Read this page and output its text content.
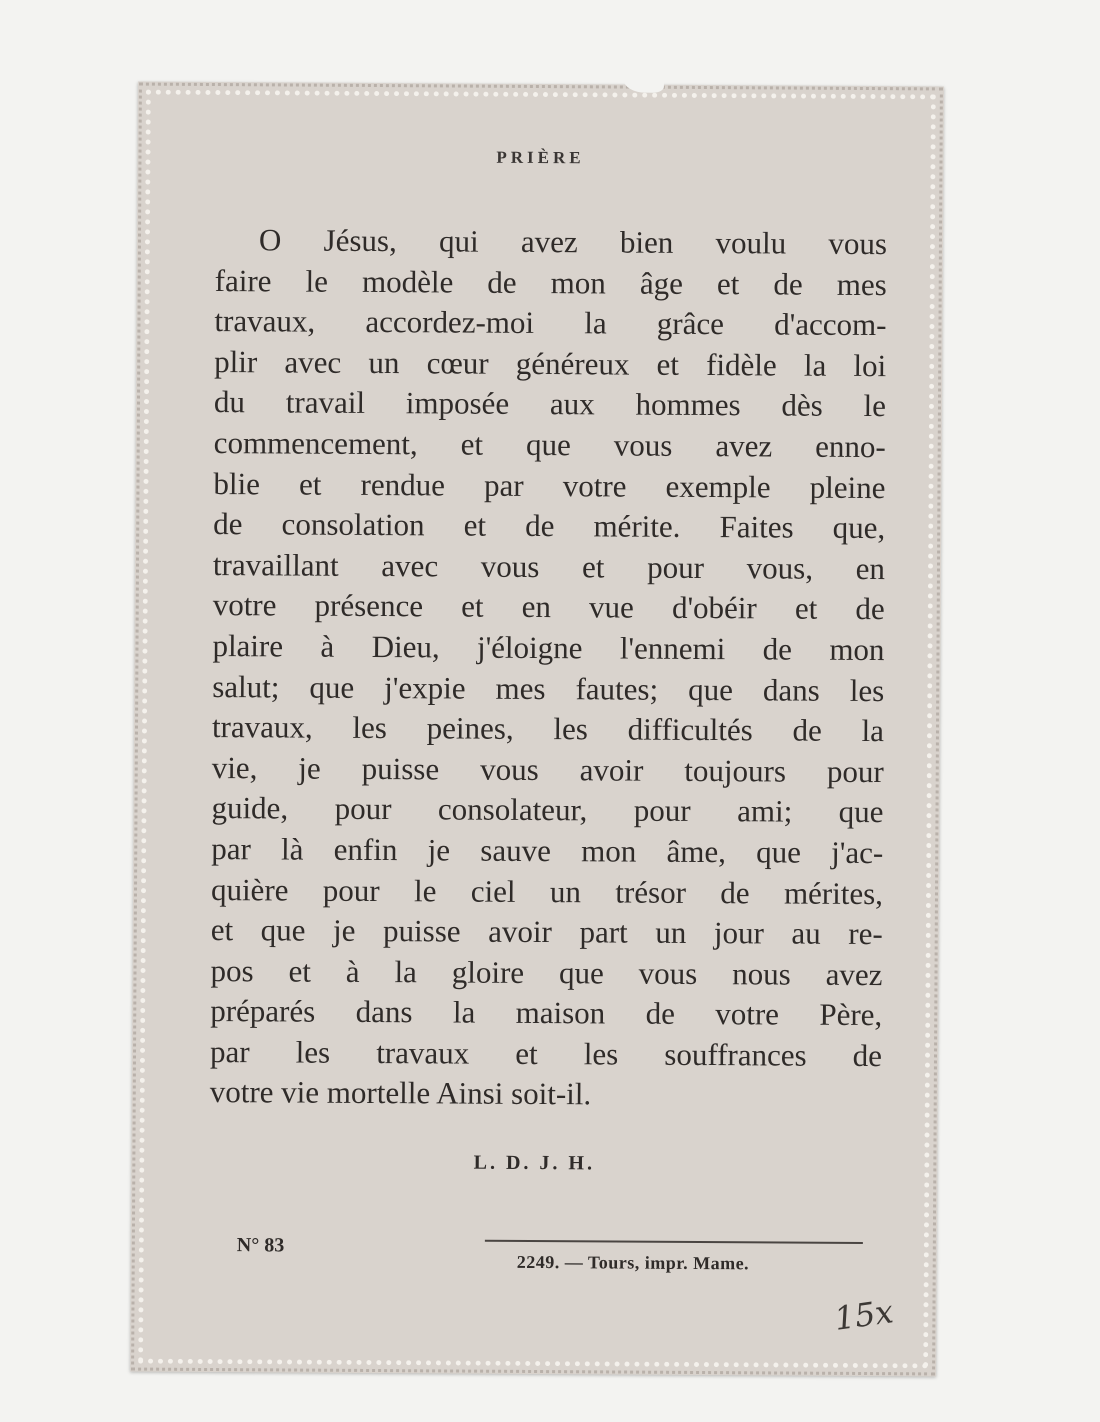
PRIÈRE
O Jésus, qui avez bien voulu vous
faire le modèle de mon âge et de mes
travaux, accordez-moi la grâce d'accom-
plir avec un cœur généreux et fidèle la loi
du travail imposée aux hommes dès le
commencement, et que vous avez enno-
blie et rendue par votre exemple pleine
de consolation et de mérite. Faites que,
travaillant avec vous et pour vous, en
votre présence et en vue d'obéir et de
plaire à Dieu, j'éloigne l'ennemi de mon
salut; que j'expie mes fautes; que dans les
travaux, les peines, les difficultés de la
vie, je puisse vous avoir toujours pour
guide, pour consolateur, pour ami; que
par là enfin je sauve mon âme, que j'ac-
quière pour le ciel un trésor de mérites,
et que je puisse avoir part un jour au re-
pos et à la gloire que vous nous avez
préparés dans la maison de votre Père,
par les travaux et les souffrances de
votre vie mortelle Ainsi soit-il.
L. D. J. H.
N° 83
2249. — Tours, impr. Mame.
15x
